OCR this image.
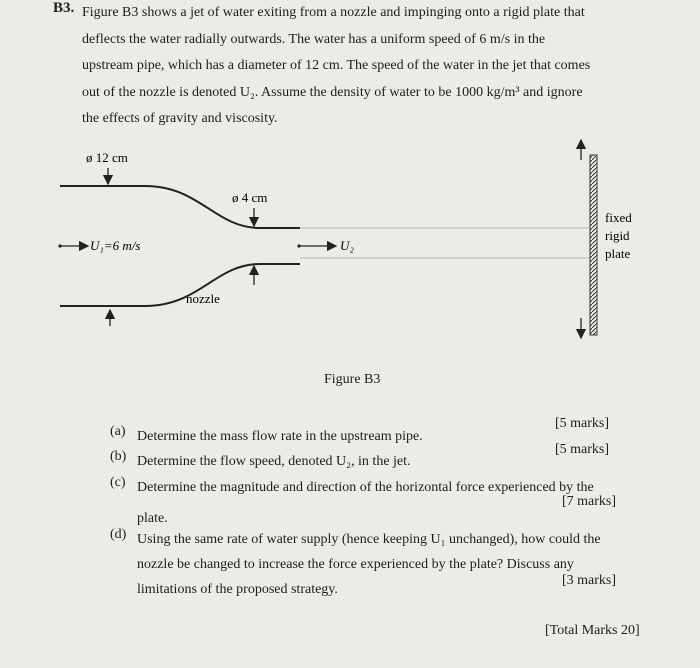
B3. Figure B3 shows a jet of water exiting from a nozzle and impinging onto a rigid plate that

deflects the water radially outwards. The water has a uniform speed of 6 m/s in the

upstream pipe, which has a diameter of 12 cm. The speed of the water in the jet that comes

out of the nozzle is denoted U₂. Assume the density of water to be 1000 kg/m³ and ignore

the effects of gravity and viscosity.

ø 12 cm
ø 4 cm
U₁=6 m/s	U₂
nozzle
fixed
rigid
plate
Figure B3
(a) Determine the mass flow rate in the upstream pipe.
[5 marks]
(b) Determine the flow speed, denoted U₂, in the jet.
[5 marks]
(c) Determine the magnitude and direction of the horizontal force experienced by the
plate.
[7 marks]
(d) Using the same rate of water supply (hence keeping U₁ unchanged), how could the
nozzle be changed to increase the force experienced by the plate? Discuss any
limitations of the proposed strategy.
[3 marks]
[Total Marks 20]
